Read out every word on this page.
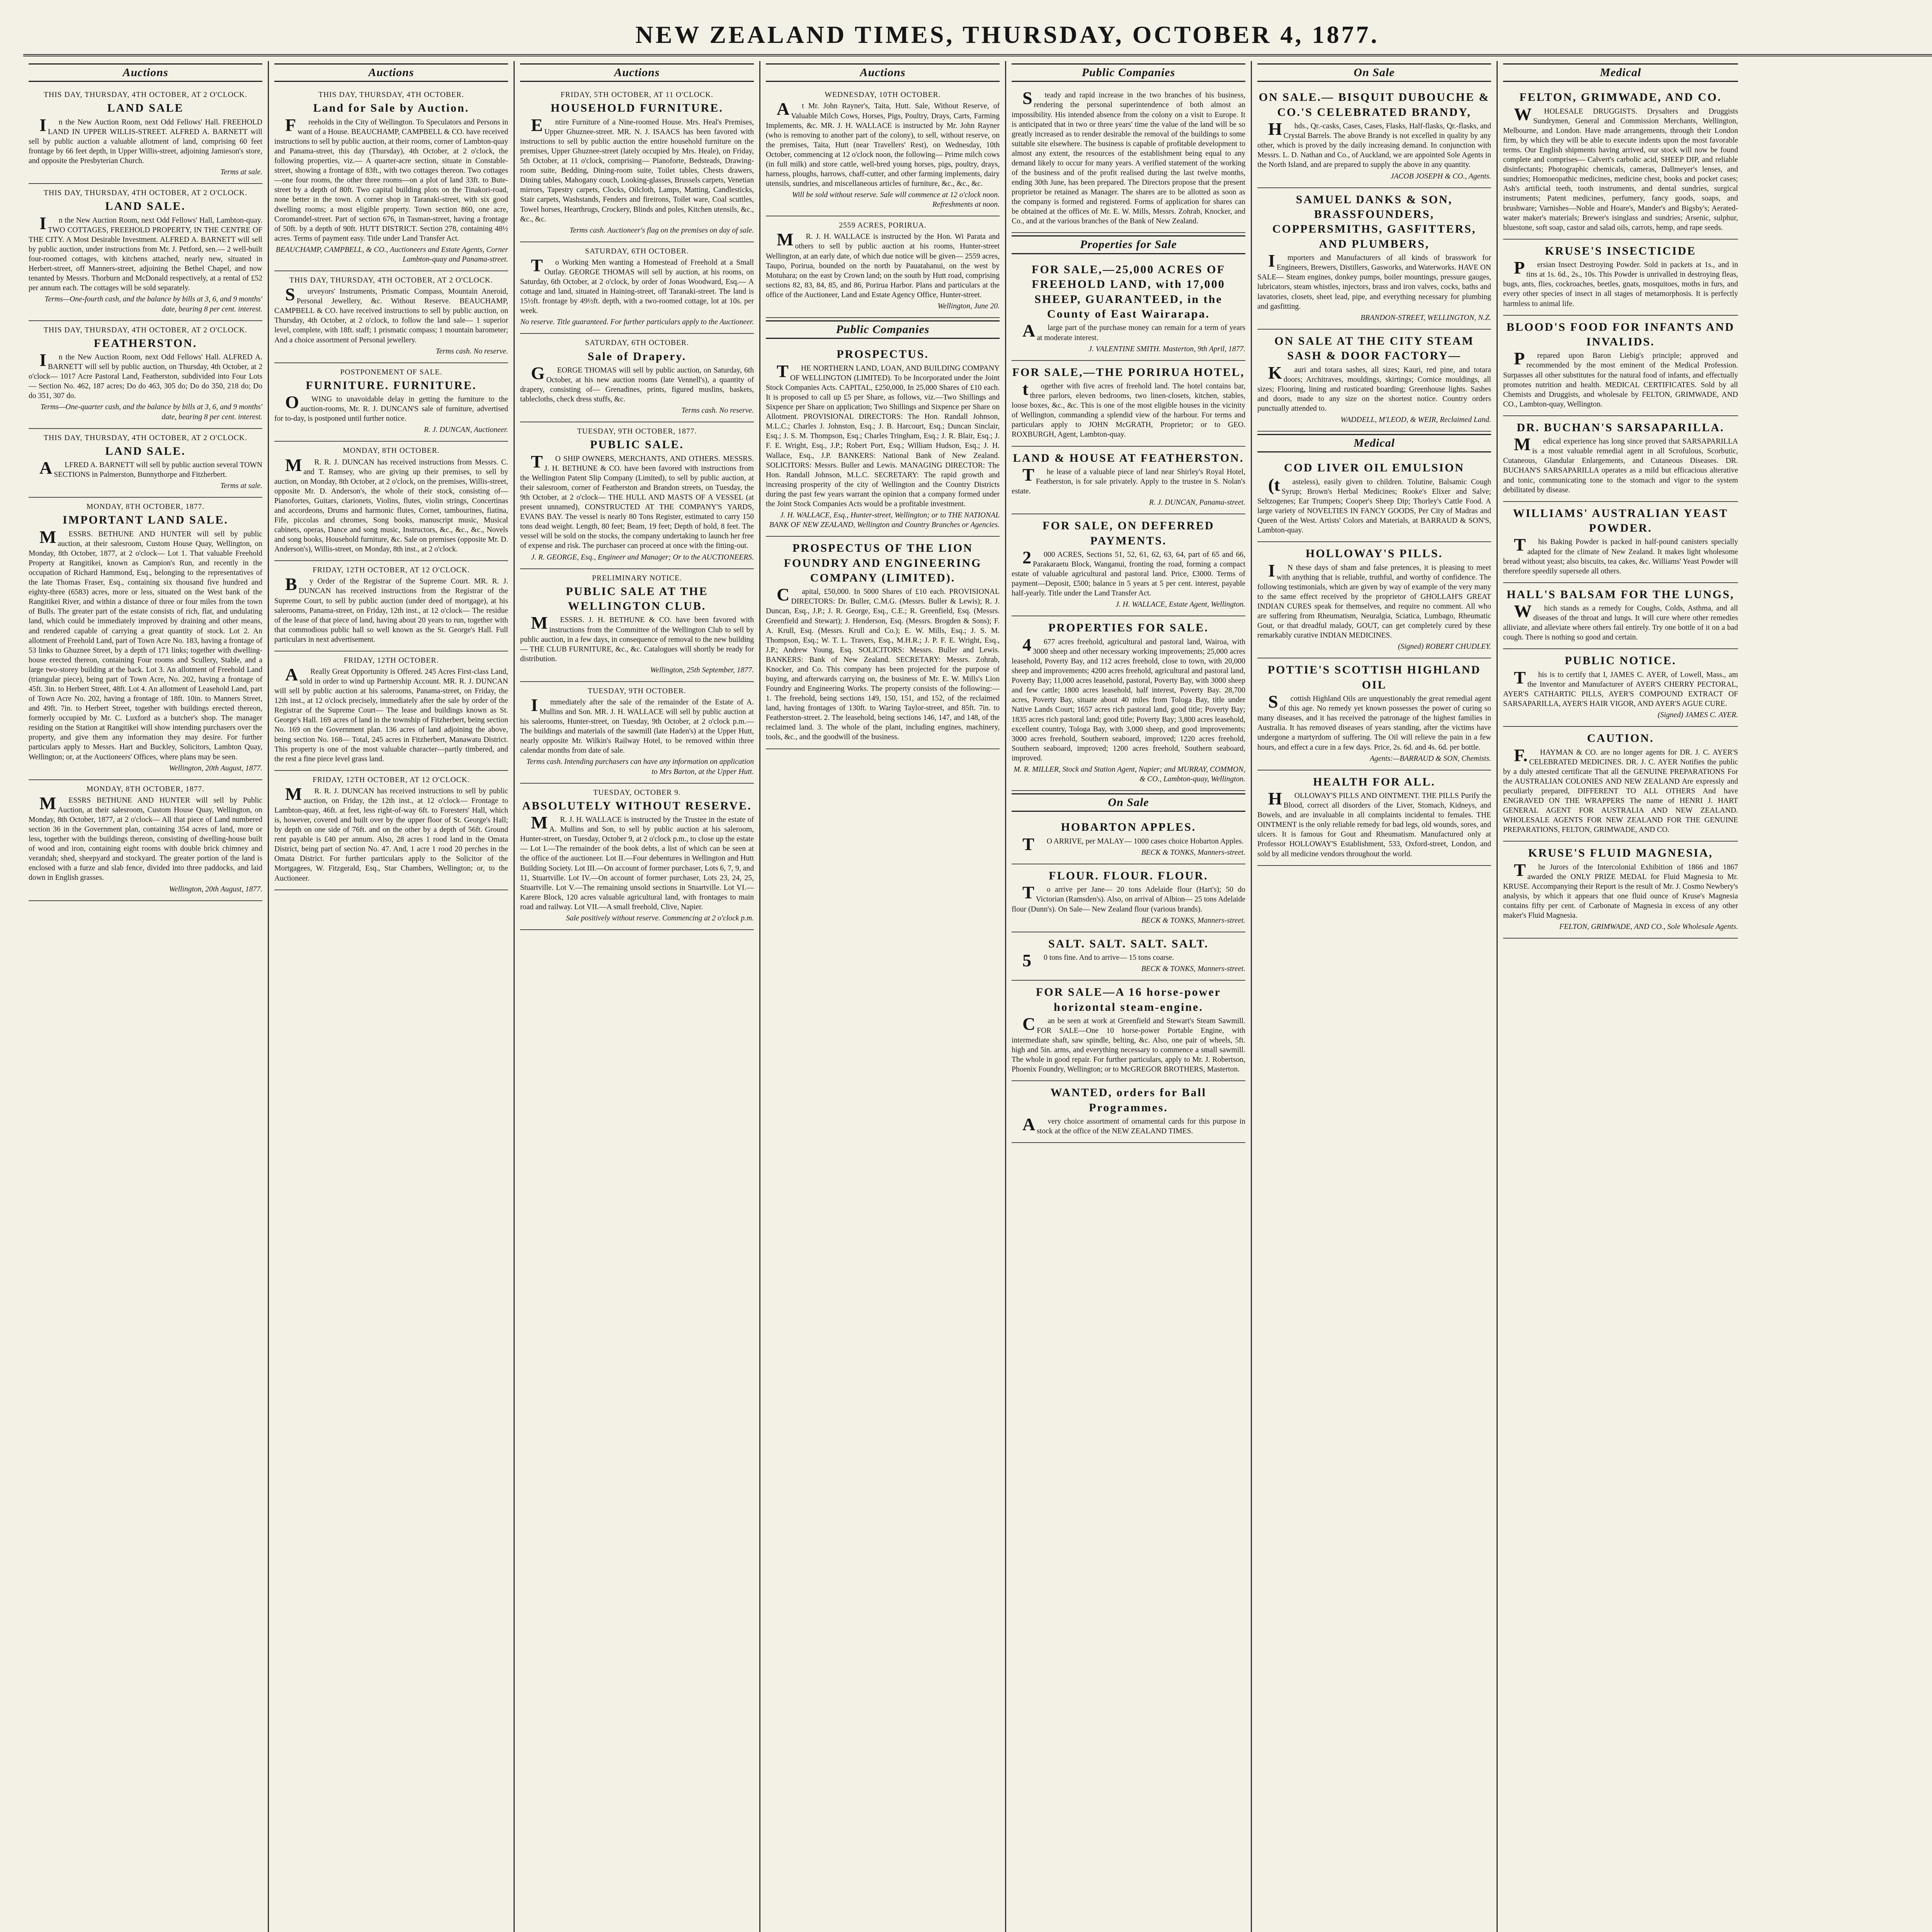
NEW ZEALAND TIMES, THURSDAY, OCTOBER 4, 1877.
Auctions

THIS DAY, THURSDAY, 4TH OCTOBER, AT 2 O'CLOCK.

LAND SALE

In the New Auction Room, next Odd Fellows' Hall. FREEHOLD LAND IN UPPER WILLIS-STREET. ALFRED A. BARNETT will sell by public auction a valuable allotment of land, comprising 60 feet frontage by 66 feet depth, in Upper Willis-street, adjoining Jamieson's store, and opposite the Presbyterian Church.

Terms at sale.

THIS DAY, THURSDAY, 4TH OCTOBER, AT 2 O'CLOCK.

LAND SALE.

In the New Auction Room, next Odd Fellows' Hall, Lambton-quay. TWO COTTAGES, FREEHOLD PROPERTY, IN THE CENTRE OF THE CITY. A Most Desirable Investment. ALFRED A. BARNETT will sell by public auction, under instructions from Mr. J. Petford, sen.— 2 well-built four-roomed cottages, with kitchens attached, nearly new, situated in Herbert-street, off Manners-street, adjoining the Bethel Chapel, and now tenanted by Messrs. Thorburn and McDonald respectively, at a rental of £52 per annum each. The cottages will be sold separately.

Terms—One-fourth cash, and the balance by bills at 3, 6, and 9 months' date, bearing 8 per cent. interest.

THIS DAY, THURSDAY, 4TH OCTOBER, AT 2 O'CLOCK.

FEATHERSTON.

In the New Auction Room, next Odd Fellows' Hall. ALFRED A. BARNETT will sell by public auction, on Thursday, 4th October, at 2 o'clock— 1017 Acre Pastoral Land, Featherston, subdivided into Four Lots— Section No. 462, 187 acres; Do do 463, 305 do; Do do 350, 218 do; Do do 351, 307 do.

Terms—One-quarter cash, and the balance by bills at 3, 6, and 9 months' date, bearing 8 per cent. interest.

THIS DAY, THURSDAY, 4TH OCTOBER, AT 2 O'CLOCK.

LAND SALE.

ALFRED A. BARNETT will sell by public auction several TOWN SECTIONS in Palmerston, Bunnythorpe and Fitzherbert.

Terms at sale.

MONDAY, 8TH OCTOBER, 1877.

IMPORTANT LAND SALE.

MESSRS. BETHUNE AND HUNTER will sell by public auction, at their salesroom, Custom House Quay, Wellington, on Monday, 8th October, 1877, at 2 o'clock— Lot 1. That valuable Freehold Property at Rangitikei, known as Campion's Run, and recently in the occupation of Richard Hammond, Esq., belonging to the representatives of the late Thomas Fraser, Esq., containing six thousand five hundred and eighty-three (6583) acres, more or less, situated on the West bank of the Rangitikei River, and within a distance of three or four miles from the town of Bulls. The greater part of the estate consists of rich, flat, and undulating land, which could be immediately improved by draining and other means, and rendered capable of carrying a great quantity of stock. Lot 2. An allotment of Freehold Land, part of Town Acre No. 183, having a frontage of 53 links to Ghuznee Street, by a depth of 171 links; together with dwelling-house erected thereon, containing Four rooms and Scullery, Stable, and a large two-storey building at the back. Lot 3. An allotment of Freehold Land (triangular piece), being part of Town Acre, No. 202, having a frontage of 45ft. 3in. to Herbert Street, 48ft. Lot 4. An allotment of Leasehold Land, part of Town Acre No. 202, having a frontage of 18ft. 10in. to Manners Street, and 49ft. 7in. to Herbert Street, together with buildings erected thereon, formerly occupied by Mr. C. Luxford as a butcher's shop. The manager residing on the Station at Rangitikei will show intending purchasers over the property, and give them any information they may desire. For further particulars apply to Messrs. Hart and Buckley, Solicitors, Lambton Quay, Wellington; or, at the Auctioneers' Offices, where plans may be seen.

Wellington, 20th August, 1877.

MONDAY, 8TH OCTOBER, 1877.

MESSRS BETHUNE AND HUNTER will sell by Public Auction, at their salesroom, Custom House Quay, Wellington, on Monday, 8th October, 1877, at 2 o'clock— All that piece of Land numbered section 36 in the Government plan, containing 354 acres of land, more or less, together with the buildings thereon, consisting of dwelling-house built of wood and iron, containing eight rooms with double brick chimney and verandah; shed, sheepyard and stockyard. The greater portion of the land is enclosed with a furze and slab fence, divided into three paddocks, and laid down in English grasses.

Wellington, 20th August, 1877.

Auctions

THIS DAY, THURSDAY, 4TH OCTOBER.

Land for Sale by Auction.

Freeholds in the City of Wellington. To Speculators and Persons in want of a House. BEAUCHAMP, CAMPBELL & CO. have received instructions to sell by public auction, at their rooms, corner of Lambton-quay and Panama-street, this day (Thursday), 4th October, at 2 o'clock, the following properties, viz.— A quarter-acre section, situate in Constable-street, showing a frontage of 83ft., with two cottages thereon. Two cottages—one four rooms, the other three rooms—on a plot of land 33ft. to Bute-street by a depth of 80ft. Two capital building plots on the Tinakori-road, none better in the town. A corner shop in Taranaki-street, with six good dwelling rooms; a most eligible property. Town section 860, one acre, Coromandel-street. Part of section 676, in Tasman-street, having a frontage of 50ft. by a depth of 90ft. HUTT DISTRICT. Section 278, containing 48½ acres. Terms of payment easy. Title under Land Transfer Act.

BEAUCHAMP, CAMPBELL, & CO., Auctioneers and Estate Agents, Corner Lambton-quay and Panama-street.

THIS DAY, THURSDAY, 4TH OCTOBER, AT 2 O'CLOCK.

Surveyors' Instruments, Prismatic Compass, Mountain Aneroid, Personal Jewellery, &c. Without Reserve. BEAUCHAMP, CAMPBELL & CO. have received instructions to sell by public auction, on Thursday, 4th October, at 2 o'clock, to follow the land sale— 1 superior level, complete, with 18ft. staff; 1 prismatic compass; 1 mountain barometer; And a choice assortment of Personal jewellery.

Terms cash. No reserve.

POSTPONEMENT OF SALE.

FURNITURE. FURNITURE.

OWING to unavoidable delay in getting the furniture to the auction-rooms, Mr. R. J. DUNCAN'S sale of furniture, advertised for to-day, is postponed until further notice.

R. J. DUNCAN, Auctioneer.

MONDAY, 8TH OCTOBER.

MR. R. J. DUNCAN has received instructions from Messrs. C. and T. Ramsey, who are giving up their premises, to sell by auction, on Monday, 8th October, at 2 o'clock, on the premises, Willis-street, opposite Mr. D. Anderson's, the whole of their stock, consisting of— Pianofortes, Guitars, clarionets, Violins, flutes, violin strings, Concertinas and accordeons, Drums and harmonic flutes, Cornet, tambourines, fiatina, Fife, piccolas and chromes, Song books, manuscript music, Musical cabinets, operas, Dance and song music, Instructors, &c., &c., &c., Novels and song books, Household furniture, &c. Sale on premises (opposite Mr. D. Anderson's), Willis-street, on Monday, 8th inst., at 2 o'clock.

FRIDAY, 12TH OCTOBER, AT 12 O'CLOCK.

By Order of the Registrar of the Supreme Court. MR. R. J. DUNCAN has received instructions from the Registrar of the Supreme Court, to sell by public auction (under deed of mortgage), at his salerooms, Panama-street, on Friday, 12th inst., at 12 o'clock— The residue of the lease of that piece of land, having about 20 years to run, together with that commodious public hall so well known as the St. George's Hall. Full particulars in next advertisement.

FRIDAY, 12TH OCTOBER.

AReally Great Opportunity is Offered. 245 Acres First-class Land, sold in order to wind up Partnership Account. MR. R. J. DUNCAN will sell by public auction at his salerooms, Panama-street, on Friday, the 12th inst., at 12 o'clock precisely, immediately after the sale by order of the Registrar of the Supreme Court— The lease and buildings known as St. George's Hall. 169 acres of land in the township of Fitzherbert, being section No. 169 on the Government plan. 136 acres of land adjoining the above, being section No. 168— Total, 245 acres in Fitzherbert, Manawatu District. This property is one of the most valuable character—partly timbered, and the rest a fine piece level grass land.

FRIDAY, 12TH OCTOBER, AT 12 O'CLOCK.

MR. R. J. DUNCAN has received instructions to sell by public auction, on Friday, the 12th inst., at 12 o'clock— Frontage to Lambton-quay, 46ft. at feet, less right-of-way 6ft. to Foresters' Hall, which is, however, covered and built over by the upper floor of St. George's Hall; by depth on one side of 76ft. and on the other by a depth of 56ft. Ground rent payable is £40 per annum. Also, 28 acres 1 rood land in the Omata District, being part of section No. 47. And, 1 acre 1 rood 20 perches in the Omata District. For further particulars apply to the Solicitor of the Mortgagees, W. Fitzgerald, Esq., Star Chambers, Wellington; or, to the Auctioneer.

Auctions

FRIDAY, 5TH OCTOBER, AT 11 O'CLOCK.

HOUSEHOLD FURNITURE.

Entire Furniture of a Nine-roomed House. Mrs. Heal's Premises, Upper Ghuznee-street. MR. N. J. ISAACS has been favored with instructions to sell by public auction the entire household furniture on the premises, Upper Ghuznee-street (lately occupied by Mrs. Heale), on Friday, 5th October, at 11 o'clock, comprising— Pianoforte, Bedsteads, Drawing-room suite, Bedding, Dining-room suite, Toilet tables, Chests drawers, Dining tables, Mahogany couch, Looking-glasses, Brussels carpets, Venetian mirrors, Tapestry carpets, Clocks, Oilcloth, Lamps, Matting, Candlesticks, Stair carpets, Washstands, Fenders and fireirons, Toilet ware, Coal scuttles, Towel horses, Hearthrugs, Crockery, Blinds and poles, Kitchen utensils, &c., &c., &c.

Terms cash. Auctioneer's flag on the premises on day of sale.

SATURDAY, 6TH OCTOBER.

To Working Men wanting a Homestead of Freehold at a Small Outlay. GEORGE THOMAS will sell by auction, at his rooms, on Saturday, 6th October, at 2 o'clock, by order of Jonas Woodward, Esq.— A cottage and land, situated in Haining-street, off Taranaki-street. The land is 15½ft. frontage by 49½ft. depth, with a two-roomed cottage, lot at 10s. per week.

No reserve. Title guaranteed. For further particulars apply to the Auctioneer.

SATURDAY, 6TH OCTOBER.

Sale of Drapery.

GEORGE THOMAS will sell by public auction, on Saturday, 6th October, at his new auction rooms (late Vennell's), a quantity of drapery, consisting of— Grenadines, prints, figured muslins, baskets, tablecloths, check dress stuffs, &c.

Terms cash. No reserve.

TUESDAY, 9TH OCTOBER, 1877.

PUBLIC SALE.

TO SHIP OWNERS, MERCHANTS, AND OTHERS. MESSRS. J. H. BETHUNE & CO. have been favored with instructions from the Wellington Patent Slip Company (Limited), to sell by public auction, at their salesroom, corner of Featherston and Brandon streets, on Tuesday, the 9th October, at 2 o'clock— THE HULL AND MASTS OF A VESSEL (at present unnamed), CONSTRUCTED AT THE COMPANY'S YARDS, EVANS BAY. The vessel is nearly 80 Tons Register, estimated to carry 150 tons dead weight. Length, 80 feet; Beam, 19 feet; Depth of hold, 8 feet. The vessel will be sold on the stocks, the company undertaking to launch her free of expense and risk. The purchaser can proceed at once with the fitting-out.

J. R. GEORGE, Esq., Engineer and Manager; Or to the AUCTIONEERS.

PRELIMINARY NOTICE.

PUBLIC SALE AT THE WELLINGTON CLUB.

MESSRS. J. H. BETHUNE & CO. have been favored with instructions from the Committee of the Wellington Club to sell by public auction, in a few days, in consequence of removal to the new building— THE CLUB FURNITURE, &c., &c. Catalogues will shortly be ready for distribution.

Wellington, 25th September, 1877.

TUESDAY, 9TH OCTOBER.

Immediately after the sale of the remainder of the Estate of A. Mullins and Son. MR. J. H. WALLACE will sell by public auction at his salerooms, Hunter-street, on Tuesday, 9th October, at 2 o'clock p.m.— The buildings and materials of the sawmill (late Haden's) at the Upper Hutt, nearly opposite Mr. Wilkin's Railway Hotel, to be removed within three calendar months from date of sale.

Terms cash. Intending purchasers can have any information on application to Mrs Barton, at the Upper Hutt.

TUESDAY, OCTOBER 9.

ABSOLUTELY WITHOUT RESERVE.

MR. J. H. WALLACE is instructed by the Trustee in the estate of A. Mullins and Son, to sell by public auction at his saleroom, Hunter-street, on Tuesday, October 9, at 2 o'clock p.m., to close up the estate— Lot I.—The remainder of the book debts, a list of which can be seen at the office of the auctioneer. Lot II.—Four debentures in Wellington and Hutt Building Society. Lot III.—On account of former purchaser, Lots 6, 7, 9, and 11, Stuartville. Lot IV.—On account of former purchaser, Lots 23, 24, 25, Stuartville. Lot V.—The remaining unsold sections in Stuartville. Lot VI.—Karere Block, 120 acres valuable agricultural land, with frontages to main road and railway. Lot VII.—A small freehold, Clive, Napier.

Sale positively without reserve. Commencing at 2 o'clock p.m.

Auctions

WEDNESDAY, 10TH OCTOBER.

At Mr. John Rayner's, Taita, Hutt. Sale, Without Reserve, of Valuable Milch Cows, Horses, Pigs, Poultry, Drays, Carts, Farming Implements, &c. MR. J. H. WALLACE is instructed by Mr. John Rayner (who is removing to another part of the colony), to sell, without reserve, on the premises, Taita, Hutt (near Travellers' Rest), on Wednesday, 10th October, commencing at 12 o'clock noon, the following— Prime milch cows (in full milk) and store cattle, well-bred young horses, pigs, poultry, drays, harness, ploughs, harrows, chaff-cutter, and other farming implements, dairy utensils, sundries, and miscellaneous articles of furniture, &c., &c., &c.

Will be sold without reserve. Sale will commence at 12 o'clock noon. Refreshments at noon.

2559 ACRES, PORIRUA.

MR. J. H. WALLACE is instructed by the Hon. Wi Parata and others to sell by public auction at his rooms, Hunter-street Wellington, at an early date, of which due notice will be given— 2559 acres, Taupo, Porirua, bounded on the north by Pauatahanui, on the west by Motuhara; on the east by Crown land; on the south by Hutt road, comprising sections 82, 83, 84, 85, and 86, Porirua Harbor. Plans and particulars at the office of the Auctioneer, Land and Estate Agency Office, Hunter-street.

Wellington, June 20.

Public Companies

PROSPECTUS.

THE NORTHERN LAND, LOAN, AND BUILDING COMPANY OF WELLINGTON (LIMITED). To be Incorporated under the Joint Stock Companies Acts. CAPITAL, £250,000, In 25,000 Shares of £10 each. It is proposed to call up £5 per Share, as follows, viz.—Two Shillings and Sixpence per Share on application; Two Shillings and Sixpence per Share on Allotment. PROVISIONAL DIRECTORS: The Hon. Randall Johnson, M.L.C.; Charles J. Johnston, Esq.; J. B. Harcourt, Esq.; Duncan Sinclair, Esq.; J. S. M. Thompson, Esq.; Charles Tringham, Esq.; J. R. Blair, Esq.; J. F. E. Wright, Esq., J.P.; Robert Port, Esq.; William Hudson, Esq.; J. H. Wallace, Esq., J.P. BANKERS: National Bank of New Zealand. SOLICITORS: Messrs. Buller and Lewis. MANAGING DIRECTOR: The Hon. Randall Johnson, M.L.C. SECRETARY: The rapid growth and increasing prosperity of the city of Wellington and the Country Districts during the past few years warrant the opinion that a company formed under the Joint Stock Companies Acts would be a profitable investment.

J. H. WALLACE, Esq., Hunter-street, Wellington; or to THE NATIONAL BANK OF NEW ZEALAND, Wellington and Country Branches or Agencies.

PROSPECTUS OF THE LION FOUNDRY AND ENGINEERING COMPANY (LIMITED).

Capital, £50,000. In 5000 Shares of £10 each. PROVISIONAL DIRECTORS: Dr. Buller, C.M.G. (Messrs. Buller & Lewis); R. J. Duncan, Esq., J.P.; J. R. George, Esq., C.E.; R. Greenfield, Esq. (Messrs. Greenfield and Stewart); J. Henderson, Esq. (Messrs. Brogden & Sons); F. A. Krull, Esq. (Messrs. Krull and Co.); E. W. Mills, Esq.; J. S. M. Thompson, Esq.; W. T. L. Travers, Esq., M.H.R.; J. P. F. E. Wright, Esq., J.P.; Andrew Young, Esq. SOLICITORS: Messrs. Buller and Lewis. BANKERS: Bank of New Zealand. SECRETARY: Messrs. Zohrab, Knocker, and Co. This company has been projected for the purpose of buying, and afterwards carrying on, the business of Mr. E. W. Mills's Lion Foundry and Engineering Works. The property consists of the following:— 1. The freehold, being sections 149, 150, 151, and 152, of the reclaimed land, having frontages of 130ft. to Waring Taylor-street, and 85ft. 7in. to Featherston-street. 2. The leasehold, being sections 146, 147, and 148, of the reclaimed land. 3. The whole of the plant, including engines, machinery, tools, &c., and the goodwill of the business.

Public Companies

Steady and rapid increase in the two branches of his business, rendering the personal superintendence of both almost an impossibility. His intended absence from the colony on a visit to Europe. It is anticipated that in two or three years' time the value of the land will be so greatly increased as to render desirable the removal of the buildings to some suitable site elsewhere. The business is capable of profitable development to almost any extent, the resources of the establishment being equal to any demand likely to occur for many years. A verified statement of the working of the business and of the profit realised during the last twelve months, ending 30th June, has been prepared. The Directors propose that the present proprietor be retained as Manager. The shares are to be allotted as soon as the company is formed and registered. Forms of application for shares can be obtained at the offices of Mr. E. W. Mills, Messrs. Zohrab, Knocker, and Co., and at the various branches of the Bank of New Zealand.

Properties for Sale

FOR SALE,—25,000 ACRES OF FREEHOLD LAND, with 17,000 SHEEP, GUARANTEED, in the County of East Wairarapa.

Alarge part of the purchase money can remain for a term of years at moderate interest.

J. VALENTINE SMITH. Masterton, 9th April, 1877.

FOR SALE,—THE PORIRUA HOTEL,

together with five acres of freehold land. The hotel contains bar, three parlors, eleven bedrooms, two linen-closets, kitchen, stables, loose boxes, &c., &c. This is one of the most eligible houses in the vicinity of Wellington, commanding a splendid view of the harbour. For terms and particulars apply to JOHN McGRATH, Proprietor; or to GEO. ROXBURGH, Agent, Lambton-quay.

LAND & HOUSE AT FEATHERSTON.

The lease of a valuable piece of land near Shirley's Royal Hotel, Featherston, is for sale privately. Apply to the trustee in S. Nolan's estate.

R. J. DUNCAN, Panama-street.

FOR SALE, ON DEFERRED PAYMENTS.

2000 ACRES, Sections 51, 52, 61, 62, 63, 64, part of 65 and 66, Parakaraetu Block, Wanganui, fronting the road, forming a compact estate of valuable agricultural and pastoral land. Price, £3000. Terms of payment—Deposit, £500; balance in 5 years at 5 per cent. interest, payable half-yearly. Title under the Land Transfer Act.

J. H. WALLACE, Estate Agent, Wellington.

PROPERTIES FOR SALE.

4677 acres freehold, agricultural and pastoral land, Wairoa, with 3000 sheep and other necessary working improvements; 25,000 acres leasehold, Poverty Bay, and 112 acres freehold, close to town, with 20,000 sheep and improvements; 4200 acres freehold, agricultural and pastoral land, Poverty Bay; 11,000 acres leasehold, pastoral, Poverty Bay, with 3000 sheep and few cattle; 1800 acres leasehold, half interest, Poverty Bay. 28,700 acres, Poverty Bay, situate about 40 miles from Tologa Bay, title under Native Lands Court; 1657 acres rich pastoral land, good title; Poverty Bay; 1835 acres rich pastoral land; good title; Poverty Bay; 3,800 acres leasehold, excellent country, Tologa Bay, with 3,000 sheep, and good improvements; 3000 acres freehold, Southern seaboard, improved; 1220 acres freehold, Southern seaboard, improved; 1200 acres freehold, Southern seaboard, improved.

M. R. MILLER, Stock and Station Agent, Napier; and MURRAY, COMMON, & CO., Lambton-quay, Wellington.

On Sale

HOBARTON APPLES.

TO ARRIVE, per MALAY— 1000 cases choice Hobarton Apples.

BECK & TONKS, Manners-street.

FLOUR. FLOUR. FLOUR.

To arrive per Jane— 20 tons Adelaide flour (Hart's); 50 do Victorian (Ramsden's). Also, on arrival of Albion— 25 tons Adelaide flour (Dunn's). On Sale— New Zealand flour (various brands).

BECK & TONKS, Manners-street.

SALT. SALT. SALT. SALT.

50 tons fine. And to arrive— 15 tons coarse.

BECK & TONKS, Manners-street.

FOR SALE—A 16 horse-power horizontal steam-engine.

Can be seen at work at Greenfield and Stewart's Steam Sawmill. FOR SALE—One 10 horse-power Portable Engine, with intermediate shaft, saw spindle, belting, &c. Also, one pair of wheels, 5ft. high and 5in. arms, and everything necessary to commence a small sawmill. The whole in good repair. For further particulars, apply to Mr. J. Robertson, Phoenix Foundry, Wellington; or to McGREGOR BROTHERS, Masterton.

WANTED, orders for Ball Programmes.

Avery choice assortment of ornamental cards for this purpose in stock at the office of the NEW ZEALAND TIMES.

On Sale

ON SALE.— BISQUIT DUBOUCHE & CO.'S CELEBRATED BRANDY,

Hhds., Qr.-casks, Cases, Cases, Flasks, Half-flasks, Qr.-flasks, and Crystal Barrels. The above Brandy is not excelled in quality by any other, which is proved by the daily increasing demand. In conjunction with Messrs. L. D. Nathan and Co., of Auckland, we are appointed Sole Agents in the North Island, and are prepared to supply the above in any quantity.

JACOB JOSEPH & CO., Agents.

SAMUEL DANKS & SON, BRASSFOUNDERS, COPPERSMITHS, GASFITTERS, AND PLUMBERS,

Importers and Manufacturers of all kinds of brasswork for Engineers, Brewers, Distillers, Gasworks, and Waterworks. HAVE ON SALE— Steam engines, donkey pumps, boiler mountings, pressure gauges, lubricators, steam whistles, injectors, brass and iron valves, cocks, baths and lavatories, closets, sheet lead, pipe, and everything necessary for plumbing and gasfitting.

BRANDON-STREET, WELLINGTON, N.Z.

ON SALE AT THE CITY STEAM SASH & DOOR FACTORY—

Kauri and totara sashes, all sizes; Kauri, red pine, and totara doors; Architraves, mouldings, skirtings; Cornice mouldings, all sizes; Flooring, lining and rusticated boarding; Greenhouse lights. Sashes and doors, made to any size on the shortest notice. Country orders punctually attended to.

WADDELL, M'LEOD, & WEIR, Reclaimed Land.

Medical

COD LIVER OIL EMULSION

(tasteless), easily given to children. Tolutine, Balsamic Cough Syrup; Brown's Herbal Medicines; Rooke's Elixer and Salve; Seltzogenes; Ear Trumpets; Cooper's Sheep Dip; Thorley's Cattle Food. A large variety of NOVELTIES IN FANCY GOODS, Per City of Madras and Queen of the West. Artists' Colors and Materials, at BARRAUD & SON'S, Lambton-quay.

HOLLOWAY'S PILLS.

IN these days of sham and false pretences, it is pleasing to meet with anything that is reliable, truthful, and worthy of confidence. The following testimonials, which are given by way of example of the very many to the same effect received by the proprietor of GHOLLAH'S GREAT INDIAN CURES speak for themselves, and require no comment. All who are suffering from Rheumatism, Neuralgia, Sciatica, Lumbago, Rheumatic Gout, or that dreadful malady, GOUT, can get completely cured by these remarkably curative INDIAN MEDICINES.

(Signed) ROBERT CHUDLEY.

POTTIE'S SCOTTISH HIGHLAND OIL

Scottish Highland Oils are unquestionably the great remedial agent of this age. No remedy yet known possesses the power of curing so many diseases, and it has received the patronage of the highest families in Australia. It has removed diseases of years standing, after the victims have undergone a martyrdom of suffering. The Oil will relieve the pain in a few hours, and effect a cure in a few days. Price, 2s. 6d. and 4s. 6d. per bottle.

Agents:—BARRAUD & SON, Chemists.

HEALTH FOR ALL.

HOLLOWAY'S PILLS AND OINTMENT. THE PILLS Purify the Blood, correct all disorders of the Liver, Stomach, Kidneys, and Bowels, and are invaluable in all complaints incidental to females. THE OINTMENT is the only reliable remedy for bad legs, old wounds, sores, and ulcers. It is famous for Gout and Rheumatism. Manufactured only at Professor HOLLOWAY'S Establishment, 533, Oxford-street, London, and sold by all medicine vendors throughout the world.

Medical

FELTON, GRIMWADE, AND CO.

WHOLESALE DRUGGISTS. Drysalters and Druggists Sundrymen, General and Commission Merchants, Wellington, Melbourne, and London. Have made arrangements, through their London firm, by which they will be able to execute indents upon the most favorable terms. Our English shipments having arrived, our stock will now be found complete and comprises— Calvert's carbolic acid, SHEEP DIP, and reliable disinfectants; Photographic chemicals, cameras, Dallmeyer's lenses, and sundries; Homoeopathic medicines, medicine chest, books and pocket cases; Ash's artificial teeth, tooth instruments, and dental sundries, surgical instruments; Patent medicines, perfumery, fancy goods, soaps, and brushware; Varnishes—Noble and Hoare's, Mander's and Bigsby's; Aerated-water maker's materials; Brewer's isinglass and sundries; Arsenic, sulphur, bluestone, soft soap, castor and salad oils, carrots, hemp, and rape seeds.

KRUSE'S INSECTICIDE

Persian Insect Destroying Powder. Sold in packets at 1s., and in tins at 1s. 6d., 2s., 10s. This Powder is unrivalled in destroying fleas, bugs, ants, flies, cockroaches, beetles, gnats, mosquitoes, moths in furs, and every other species of insect in all stages of metamorphosis. It is perfectly harmless to animal life.

BLOOD'S FOOD FOR INFANTS AND INVALIDS.

Prepared upon Baron Liebig's principle; approved and recommended by the most eminent of the Medical Profession. Surpasses all other substitutes for the natural food of infants, and effectually promotes nutrition and health. MEDICAL CERTIFICATES. Sold by all Chemists and Druggists, and wholesale by FELTON, GRIMWADE, AND CO., Lambton-quay, Wellington.

DR. BUCHAN'S SARSAPARILLA.

Medical experience has long since proved that SARSAPARILLA is a most valuable remedial agent in all Scrofulous, Scorbutic, Cutaneous, Glandular Enlargements, and Cutaneous Diseases. DR. BUCHAN'S SARSAPARILLA operates as a mild but efficacious alterative and tonic, communicating tone to the stomach and vigor to the system debilitated by disease.

WILLIAMS' AUSTRALIAN YEAST POWDER.

This Baking Powder is packed in half-pound canisters specially adapted for the climate of New Zealand. It makes light wholesome bread without yeast; also biscuits, tea cakes, &c. Williams' Yeast Powder will therefore speedily supersede all others.

HALL'S BALSAM FOR THE LUNGS,

Which stands as a remedy for Coughs, Colds, Asthma, and all diseases of the throat and lungs. It will cure where other remedies alliviate, and alleviate where others fail entirely. Try one bottle of it on a bad cough. There is nothing so good and certain.

PUBLIC NOTICE.

This is to certify that I, JAMES C. AYER, of Lowell, Mass., am the Inventor and Manufacturer of AYER'S CHERRY PECTORAL, AYER'S CATHARTIC PILLS, AYER'S COMPOUND EXTRACT OF SARSAPARILLA, AYER'S HAIR VIGOR, AND AYER'S AGUE CURE.

(Signed) JAMES C. AYER.

CAUTION.

F.HAYMAN & CO. are no longer agents for DR. J. C. AYER'S CELEBRATED MEDICINES. DR. J. C. AYER Notifies the public by a duly attested certificate That all the GENUINE PREPARATIONS For the AUSTRALIAN COLONIES AND NEW ZEALAND Are expressly and peculiarly prepared, DIFFERENT TO ALL OTHERS And have ENGRAVED ON THE WRAPPERS The name of HENRI J. HART GENERAL AGENT FOR AUSTRALIA AND NEW ZEALAND. WHOLESALE AGENTS FOR NEW ZEALAND FOR THE GENUINE PREPARATIONS, FELTON, GRIMWADE, AND CO.

KRUSE'S FLUID MAGNESIA,

The Jurors of the Intercolonial Exhibition of 1866 and 1867 awarded the ONLY PRIZE MEDAL for Fluid Magnesia to Mr. KRUSE. Accompanying their Report is the result of Mr. J. Cosmo Newbery's analysis, by which it appears that one fluid ounce of Kruse's Magnesia contains fifty per cent. of Carbonate of Magnesia in excess of any other maker's Fluid Magnesia.

FELTON, GRIMWADE, AND CO., Sole Wholesale Agents.
